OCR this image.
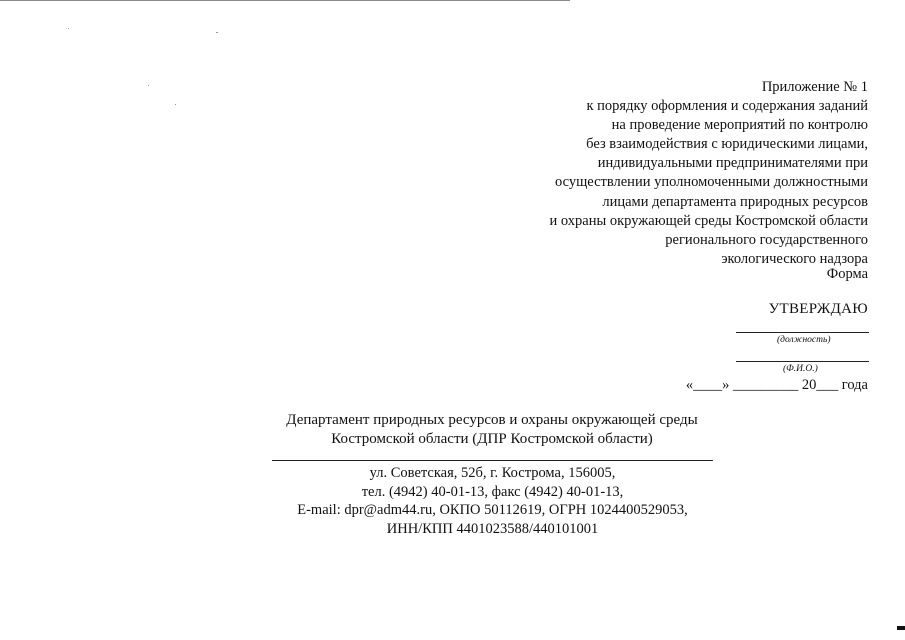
Приложение № 1
к порядку оформления и содержания заданий
на проведение мероприятий по контролю
без взаимодействия с юридическими лицами,
индивидуальными предпринимателями при
осуществлении уполномоченными должностными
лицами департамента природных ресурсов
и охраны окружающей среды Костромской области
регионального государственного
экологического надзора
Форма
УТВЕРЖДАЮ
(должность)
(Ф.И.О.)
«____» _________ 20___ года
Департамент природных ресурсов и охраны окружающей среды
Костромской области (ДПР Костромской области)
ул. Советская, 52б, г. Кострома, 156005,
тел. (4942) 40-01-13, факс (4942) 40-01-13,
E-mail: dpr@adm44.ru, ОКПО 50112619, ОГРН 1024400529053,
ИНН/КПП 4401023588/440101001
